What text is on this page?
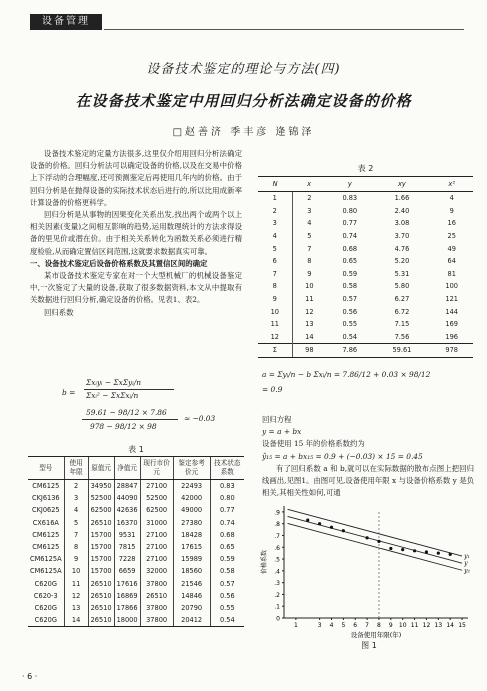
设备管理
设备技术鉴定的理论与方法(四)
在设备技术鉴定中用回归分析法确定设备的价格
□赵善济 季丰彦 逄锦泽

设备技术鉴定的定量方法很多,这里仅介绍用回归分析法确定设备的价格。回归分析法可以确定设备的价格,以及在交易中价格上下浮动的合理幅度,还可预测鉴定后再使用几年内的价格。由于回归分析是在抛得设备的实际技术状态后进行的,所以比用成新率计算设备的价格更科学。

回归分析是从事物的因果变化关系出发,找出两个或两个以上相关因素(变量)之间相互影响的趋势,运用数理统计的方法求得设备的里见价或潜在价。由于相关关系转化为函数关系必须进行精度检验,从而确定置信区间范围,这就要求数据真实可靠。

一、设备技术鉴定后设备价格系数及其置信区间的确定

某市设备技术鉴定专家在对一个大型机械厂的机械设备鉴定中,一次鉴定了大量的设备,获取了很多数据资料,本文从中提取有关数据进行回归分析,确定设备的价格。见表1、表2。

回归系数

b =
Σxᵢyᵢ − ΣxΣyᵢ/n
Σxᵢ² − ΣxΣxᵢ/n
59.61 − 98/12 × 7.86
978 − 98/12 × 98
≈ −0.03
表 1
型号	使用年限	原值元	净值元	现行市价元	鉴定参考价元	技术状态系数
CM6125	2	34950	28847	27100	22493	0.83
CKJ6136	3	52500	44090	52500	42000	0.80
CKJ0625	4	62500	42636	62500	49000	0.77
CX616A	5	26510	16370	31000	27380	0.74
CM6125	7	15700	9531	27100	18428	0.68
CM6125	8	15700	7815	27100	17615	0.65
CM6125A	9	15700	7228	27100	15989	0.59
CM6125A	10	15700	6659	32000	18560	0.58
C620G	11	26510	17616	37800	21546	0.57
C620-3	12	26510	16869	26510	14846	0.56
C620G	13	26510	17866	37800	20790	0.55
C620G	14	26510	18000	37800	20412	0.54
表 2
N	x	y	xy	x²
1	2	0.83	1.66	4
2	3	0.80	2.40	9
3	4	0.77	3.08	16
4	5	0.74	3.70	25
5	7	0.68	4.76	49
6	8	0.65	5.20	64
7	9	0.59	5.31	81
8	10	0.58	5.80	100
9	11	0.57	6.27	121
10	12	0.56	6.72	144
11	13	0.55	7.15	169
12	14	0.54	7.56	196
Σ	98	7.86	59.61	978
a = Σyᵢ/n − b Σxᵢ/n = 7.86/12 + 0.03 × 98/12
= 0.9
回归方程
y = a + bx
设备使用 15 年的价格系数约为
ŷ₁₅ = a + bx₁₅ = 0.9 + (−0.03) × 15 = 0.45

有了回归系数 a 和 b,就可以在实际数据的散布点图上把回归线画出,见图1。由图可见,设备使用年限 x 与设备价格系数 y 是负相关,其相关性如何,可通

.9
.8
.7
.6
.5
.4
.3
.2
.1
0
1	3 4 5 6 7 8 9 10 11 12 13 14 15
y₁
y
y₂
价格系数
设备使用年限(年)
图 1
· 6 ·
